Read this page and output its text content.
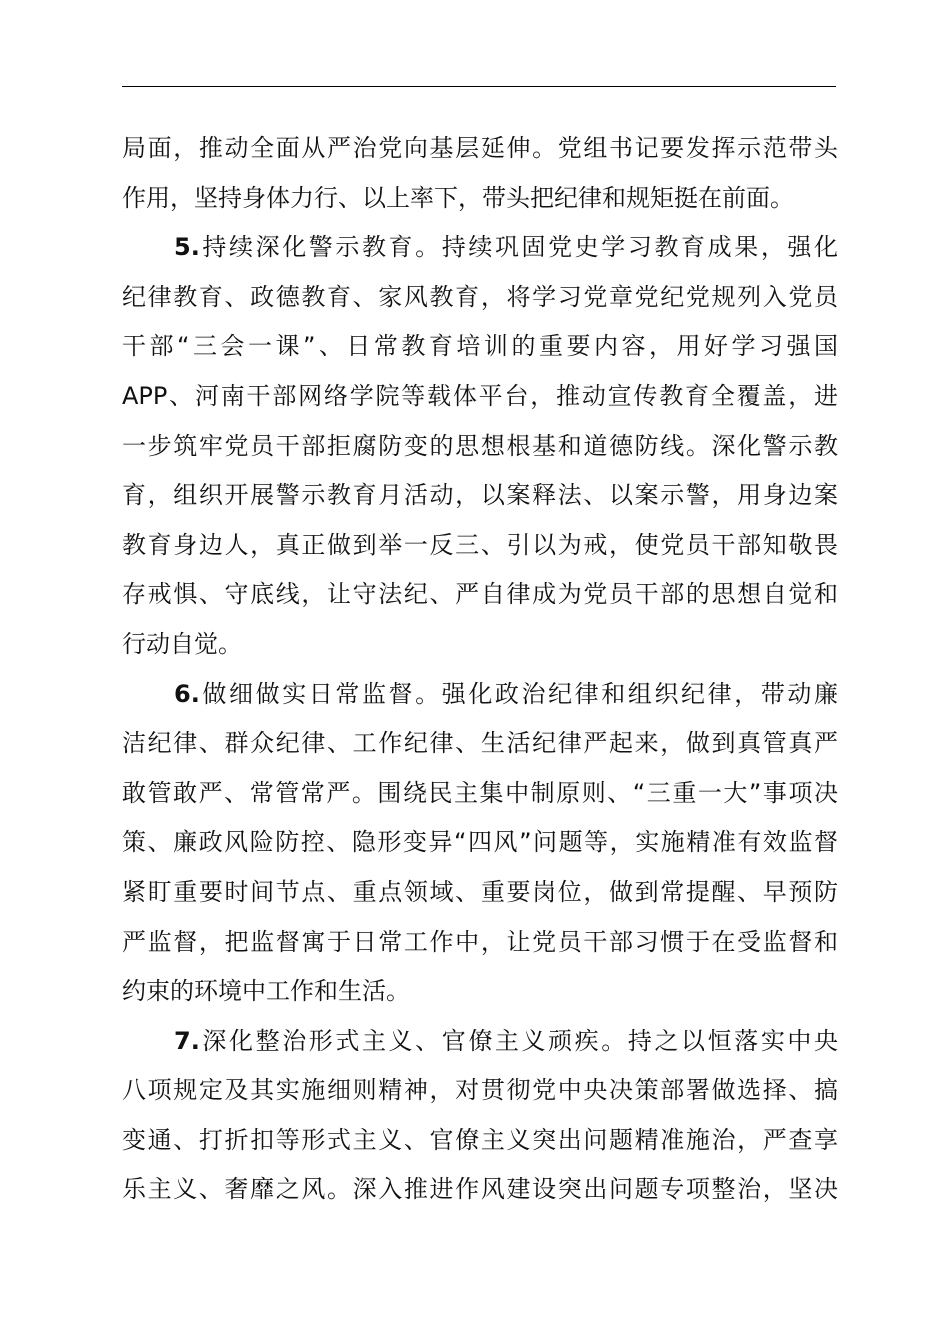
局面，推动全面从严治党向基层延伸。党组书记要发挥示范带头
作用，坚持身体力行、以上率下，带头把纪律和规矩挺在前面。
5.持续深化警示教育。持续巩固党史学习教育成果，强化
纪律教育、政德教育、家风教育，将学习党章党纪党规列入党员
干部“三会一课”、日常教育培训的重要内容，用好学习强国
APP、河南干部网络学院等载体平台，推动宣传教育全覆盖，进
一步筑牢党员干部拒腐防变的思想根基和道德防线。深化警示教
育，组织开展警示教育月活动，以案释法、以案示警，用身边案
教育身边人，真正做到举一反三、引以为戒，使党员干部知敬畏
存戒惧、守底线，让守法纪、严自律成为党员干部的思想自觉和
行动自觉。
6.做细做实日常监督。强化政治纪律和组织纪律，带动廉
洁纪律、群众纪律、工作纪律、生活纪律严起来，做到真管真严
敢管敢严、常管常严。围绕民主集中制原则、“三重一大”事项决
策、廉政风险防控、隐形变异“四风”问题等，实施精准有效监督
紧盯重要时间节点、重点领域、重要岗位，做到常提醒、早预防
严监督，把监督寓于日常工作中，让党员干部习惯于在受监督和
约束的环境中工作和生活。
7.深化整治形式主义、官僚主义顽疾。持之以恒落实中央
八项规定及其实施细则精神，对贯彻党中央决策部署做选择、搞
变通、打折扣等形式主义、官僚主义突出问题精准施治，严查享
乐主义、奢靡之风。深入推进作风建设突出问题专项整治，坚决
